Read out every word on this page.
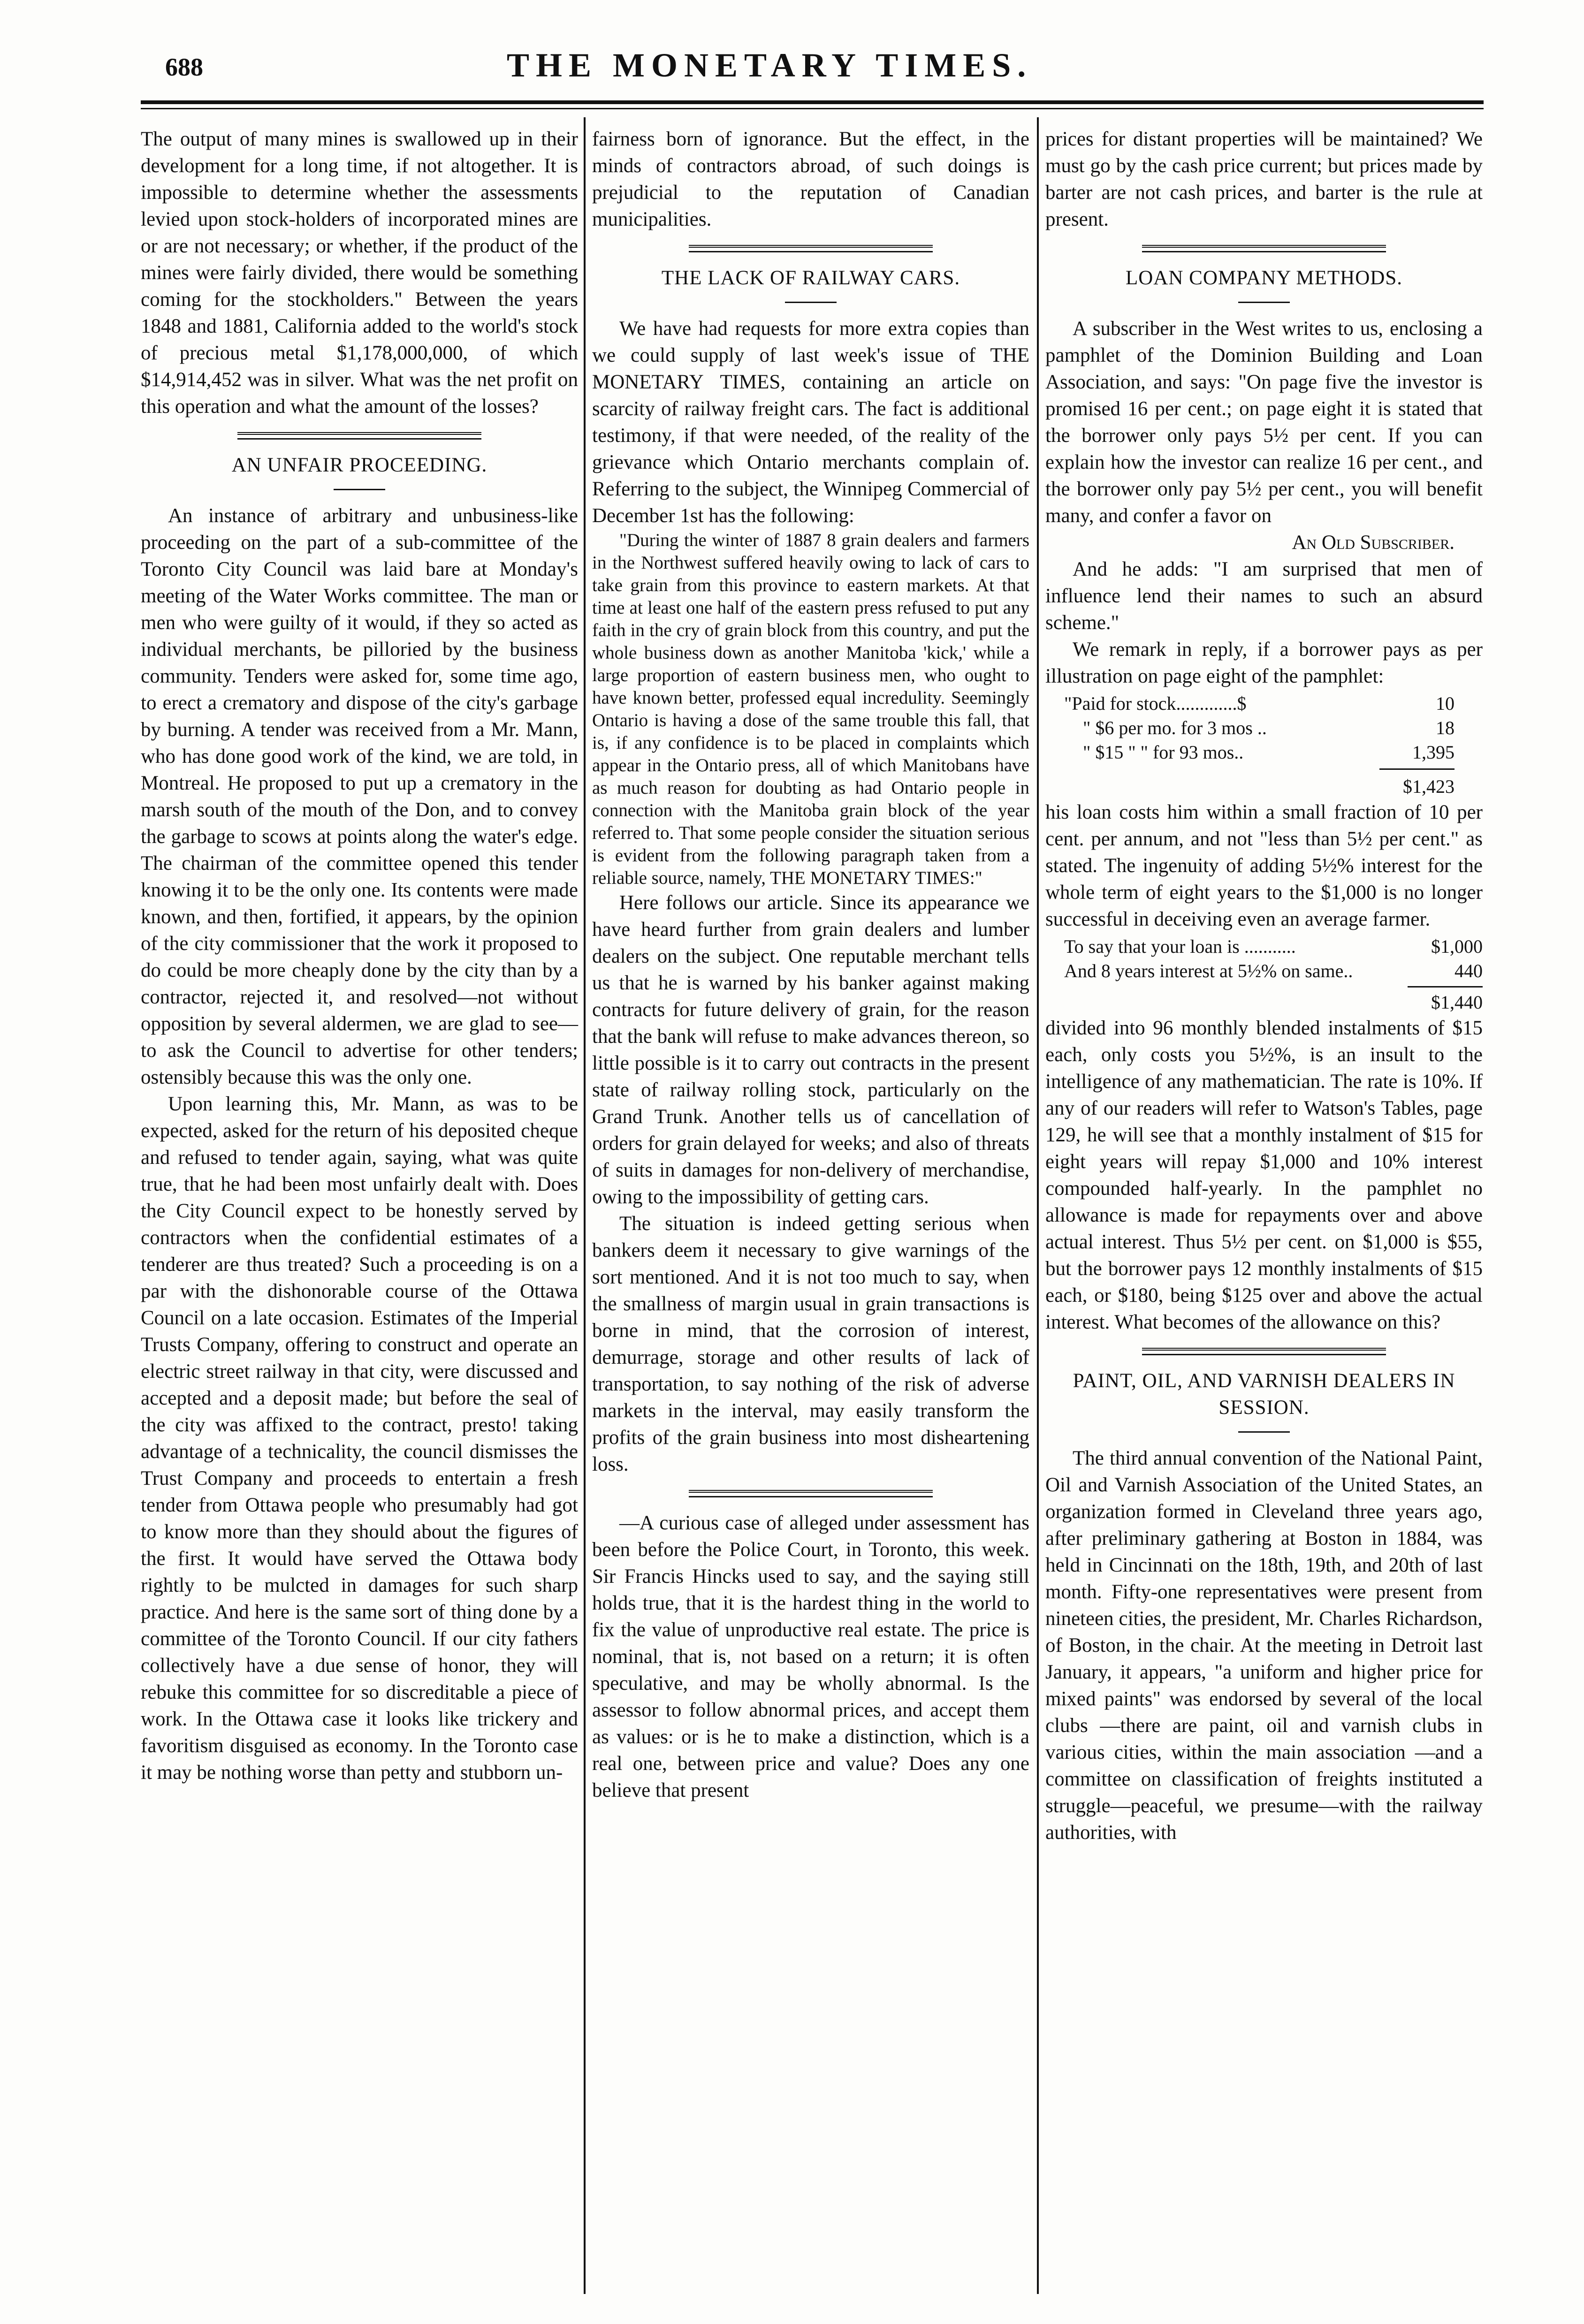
688	THE MONETARY TIMES.

The output of many mines is swallowed up in their development for a long time, if not altogether. It is impossible to determine whether the assessments levied upon stock-holders of incorporated mines are or are not necessary; or whether, if the product of the mines were fairly divided, there would be something coming for the stockholders." Between the years 1848 and 1881, California added to the world's stock of precious metal $1,178,000,000, of which $14,914,452 was in silver. What was the net profit on this operation and what the amount of the losses?

AN UNFAIR PROCEEDING.

An instance of arbitrary and unbusiness-like proceeding on the part of a sub-committee of the Toronto City Council was laid bare at Monday's meeting of the Water Works committee. The man or men who were guilty of it would, if they so acted as individual merchants, be pilloried by the business community. Tenders were asked for, some time ago, to erect a crematory and dispose of the city's garbage by burning. A tender was received from a Mr. Mann, who has done good work of the kind, we are told, in Montreal. He proposed to put up a crematory in the marsh south of the mouth of the Don, and to convey the garbage to scows at points along the water's edge. The chairman of the committee opened this tender knowing it to be the only one. Its contents were made known, and then, fortified, it appears, by the opinion of the city commissioner that the work it proposed to do could be more cheaply done by the city than by a contractor, rejected it, and resolved—not without opposition by several aldermen, we are glad to see—to ask the Council to advertise for other tenders; ostensibly because this was the only one.

Upon learning this, Mr. Mann, as was to be expected, asked for the return of his deposited cheque and refused to tender again, saying, what was quite true, that he had been most unfairly dealt with. Does the City Council expect to be honestly served by contractors when the confidential estimates of a tenderer are thus treated? Such a proceeding is on a par with the dishonorable course of the Ottawa Council on a late occasion. Estimates of the Imperial Trusts Company, offering to construct and operate an electric street railway in that city, were discussed and accepted and a deposit made; but before the seal of the city was affixed to the contract, presto! taking advantage of a technicality, the council dismisses the Trust Company and proceeds to entertain a fresh tender from Ottawa people who presumably had got to know more than they should about the figures of the first. It would have served the Ottawa body rightly to be mulcted in damages for such sharp practice. And here is the same sort of thing done by a committee of the Toronto Council. If our city fathers collectively have a due sense of honor, they will rebuke this committee for so discreditable a piece of work. In the Ottawa case it looks like trickery and favoritism disguised as economy. In the Toronto case it may be nothing worse than petty and stubborn un-

fairness born of ignorance. But the effect, in the minds of contractors abroad, of such doings is prejudicial to the reputation of Canadian municipalities.

THE LACK OF RAILWAY CARS.

We have had requests for more extra copies than we could supply of last week's issue of THE MONETARY TIMES, containing an article on scarcity of railway freight cars. The fact is additional testimony, if that were needed, of the reality of the grievance which Ontario merchants complain of. Referring to the subject, the Winnipeg Commercial of December 1st has the following:

"During the winter of 1887 8 grain dealers and farmers in the Northwest suffered heavily owing to lack of cars to take grain from this province to eastern markets. At that time at least one half of the eastern press refused to put any faith in the cry of grain block from this country, and put the whole business down as another Manitoba 'kick,' while a large proportion of eastern business men, who ought to have known better, professed equal incredulity. Seemingly Ontario is having a dose of the same trouble this fall, that is, if any confidence is to be placed in complaints which appear in the Ontario press, all of which Manitobans have as much reason for doubting as had Ontario people in connection with the Manitoba grain block of the year referred to. That some people consider the situation serious is evident from the following paragraph taken from a reliable source, namely, THE MONETARY TIMES:"

Here follows our article. Since its appearance we have heard further from grain dealers and lumber dealers on the subject. One reputable merchant tells us that he is warned by his banker against making contracts for future delivery of grain, for the reason that the bank will refuse to make advances thereon, so little possible is it to carry out contracts in the present state of railway rolling stock, particularly on the Grand Trunk. Another tells us of cancellation of orders for grain delayed for weeks; and also of threats of suits in damages for non-delivery of merchandise, owing to the impossibility of getting cars.

The situation is indeed getting serious when bankers deem it necessary to give warnings of the sort mentioned. And it is not too much to say, when the smallness of margin usual in grain transactions is borne in mind, that the corrosion of interest, demurrage, storage and other results of lack of transportation, to say nothing of the risk of adverse markets in the interval, may easily transform the profits of the grain business into most disheartening loss.

—A curious case of alleged under assessment has been before the Police Court, in Toronto, this week. Sir Francis Hincks used to say, and the saying still holds true, that it is the hardest thing in the world to fix the value of unproductive real estate. The price is nominal, that is, not based on a return; it is often speculative, and may be wholly abnormal. Is the assessor to follow abnormal prices, and accept them as values: or is he to make a distinction, which is a real one, between price and value? Does any one believe that present

prices for distant properties will be maintained? We must go by the cash price current; but prices made by barter are not cash prices, and barter is the rule at present.

LOAN COMPANY METHODS.

A subscriber in the West writes to us, enclosing a pamphlet of the Dominion Building and Loan Association, and says: "On page five the investor is promised 16 per cent.; on page eight it is stated that the borrower only pays 5½ per cent. If you can explain how the investor can realize 16 per cent., and the borrower only pay 5½ per cent., you will benefit many, and confer a favor on

An Old Subscriber.

And he adds: "I am surprised that men of influence lend their names to such an absurd scheme."

We remark in reply, if a borrower pays as per illustration on page eight of the pamphlet:

"Paid for stock.............$	10
" $6 per mo. for 3 mos ..	18
" $15 " " for 93 mos..	1,395
$1,423

his loan costs him within a small fraction of 10 per cent. per annum, and not "less than 5½ per cent." as stated. The ingenuity of adding 5½% interest for the whole term of eight years to the $1,000 is no longer successful in deceiving even an average farmer.

To say that your loan is ...........	$1,000
And 8 years interest at 5½% on same..	440
$1,440

divided into 96 monthly blended instalments of $15 each, only costs you 5½%, is an insult to the intelligence of any mathematician. The rate is 10%. If any of our readers will refer to Watson's Tables, page 129, he will see that a monthly instalment of $15 for eight years will repay $1,000 and 10% interest compounded half-yearly. In the pamphlet no allowance is made for repayments over and above actual interest. Thus 5½ per cent. on $1,000 is $55, but the borrower pays 12 monthly instalments of $15 each, or $180, being $125 over and above the actual interest. What becomes of the allowance on this?

PAINT, OIL, AND VARNISH DEALERS IN SESSION.

The third annual convention of the National Paint, Oil and Varnish Association of the United States, an organization formed in Cleveland three years ago, after preliminary gathering at Boston in 1884, was held in Cincinnati on the 18th, 19th, and 20th of last month. Fifty-one representatives were present from nineteen cities, the president, Mr. Charles Richardson, of Boston, in the chair. At the meeting in Detroit last January, it appears, "a uniform and higher price for mixed paints" was endorsed by several of the local clubs —there are paint, oil and varnish clubs in various cities, within the main association —and a committee on classification of freights instituted a struggle—peaceful, we presume—with the railway authorities, with
